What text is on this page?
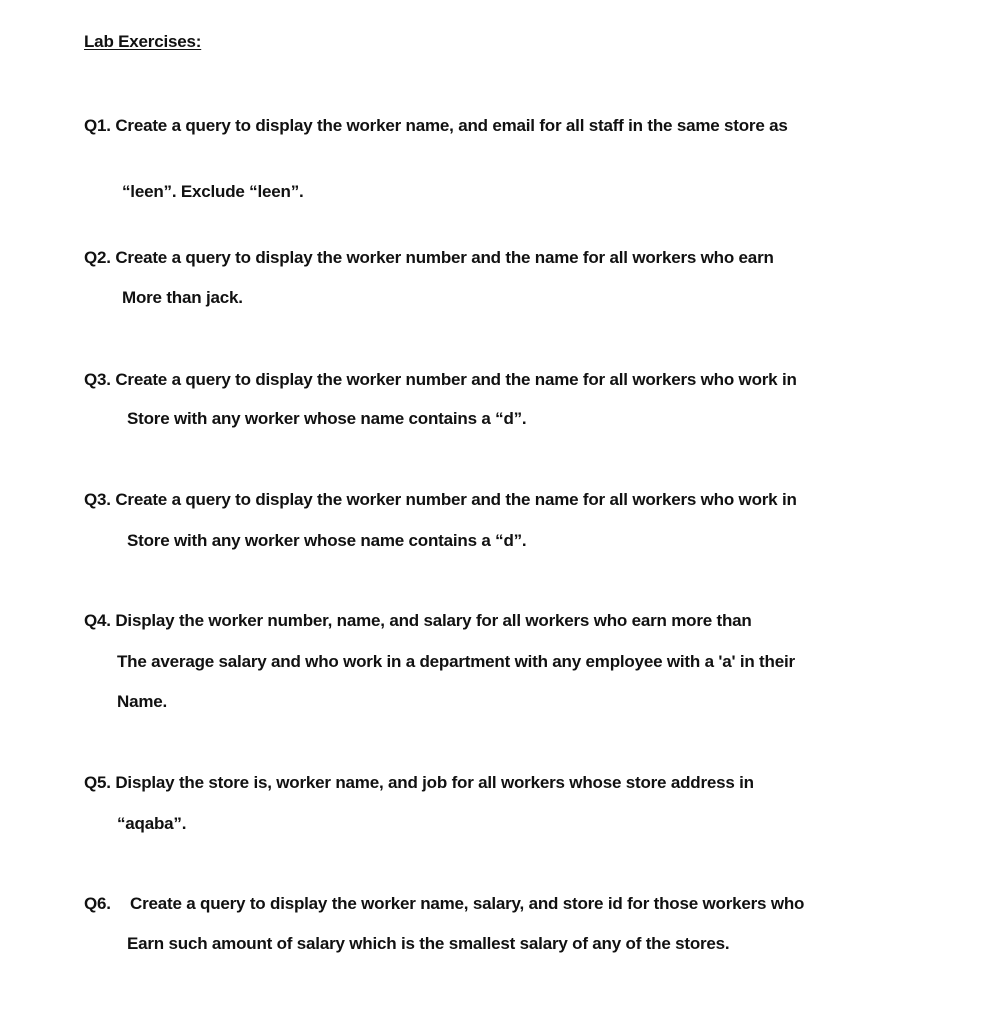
Lab Exercises:
Q1. Create a query to display the worker name, and email for all staff in the same store as
“leen”. Exclude “leen”.
Q2. Create a query to display the worker number and the name for all workers who earn
More than jack.
Q3. Create a query to display the worker number and the name for all workers who work in
Store with any worker whose name contains a “d”.
Q3. Create a query to display the worker number and the name for all workers who work in
Store with any worker whose name contains a “d”.
Q4. Display the worker number, name, and salary for all workers who earn more than
The average salary and who work in a department with any employee with a 'a' in their
Name.
Q5. Display the store is, worker name, and job for all workers whose store address in
“aqaba”.
Q6. Create a query to display the worker name, salary, and store id for those workers who
Earn such amount of salary which is the smallest salary of any of the stores.
